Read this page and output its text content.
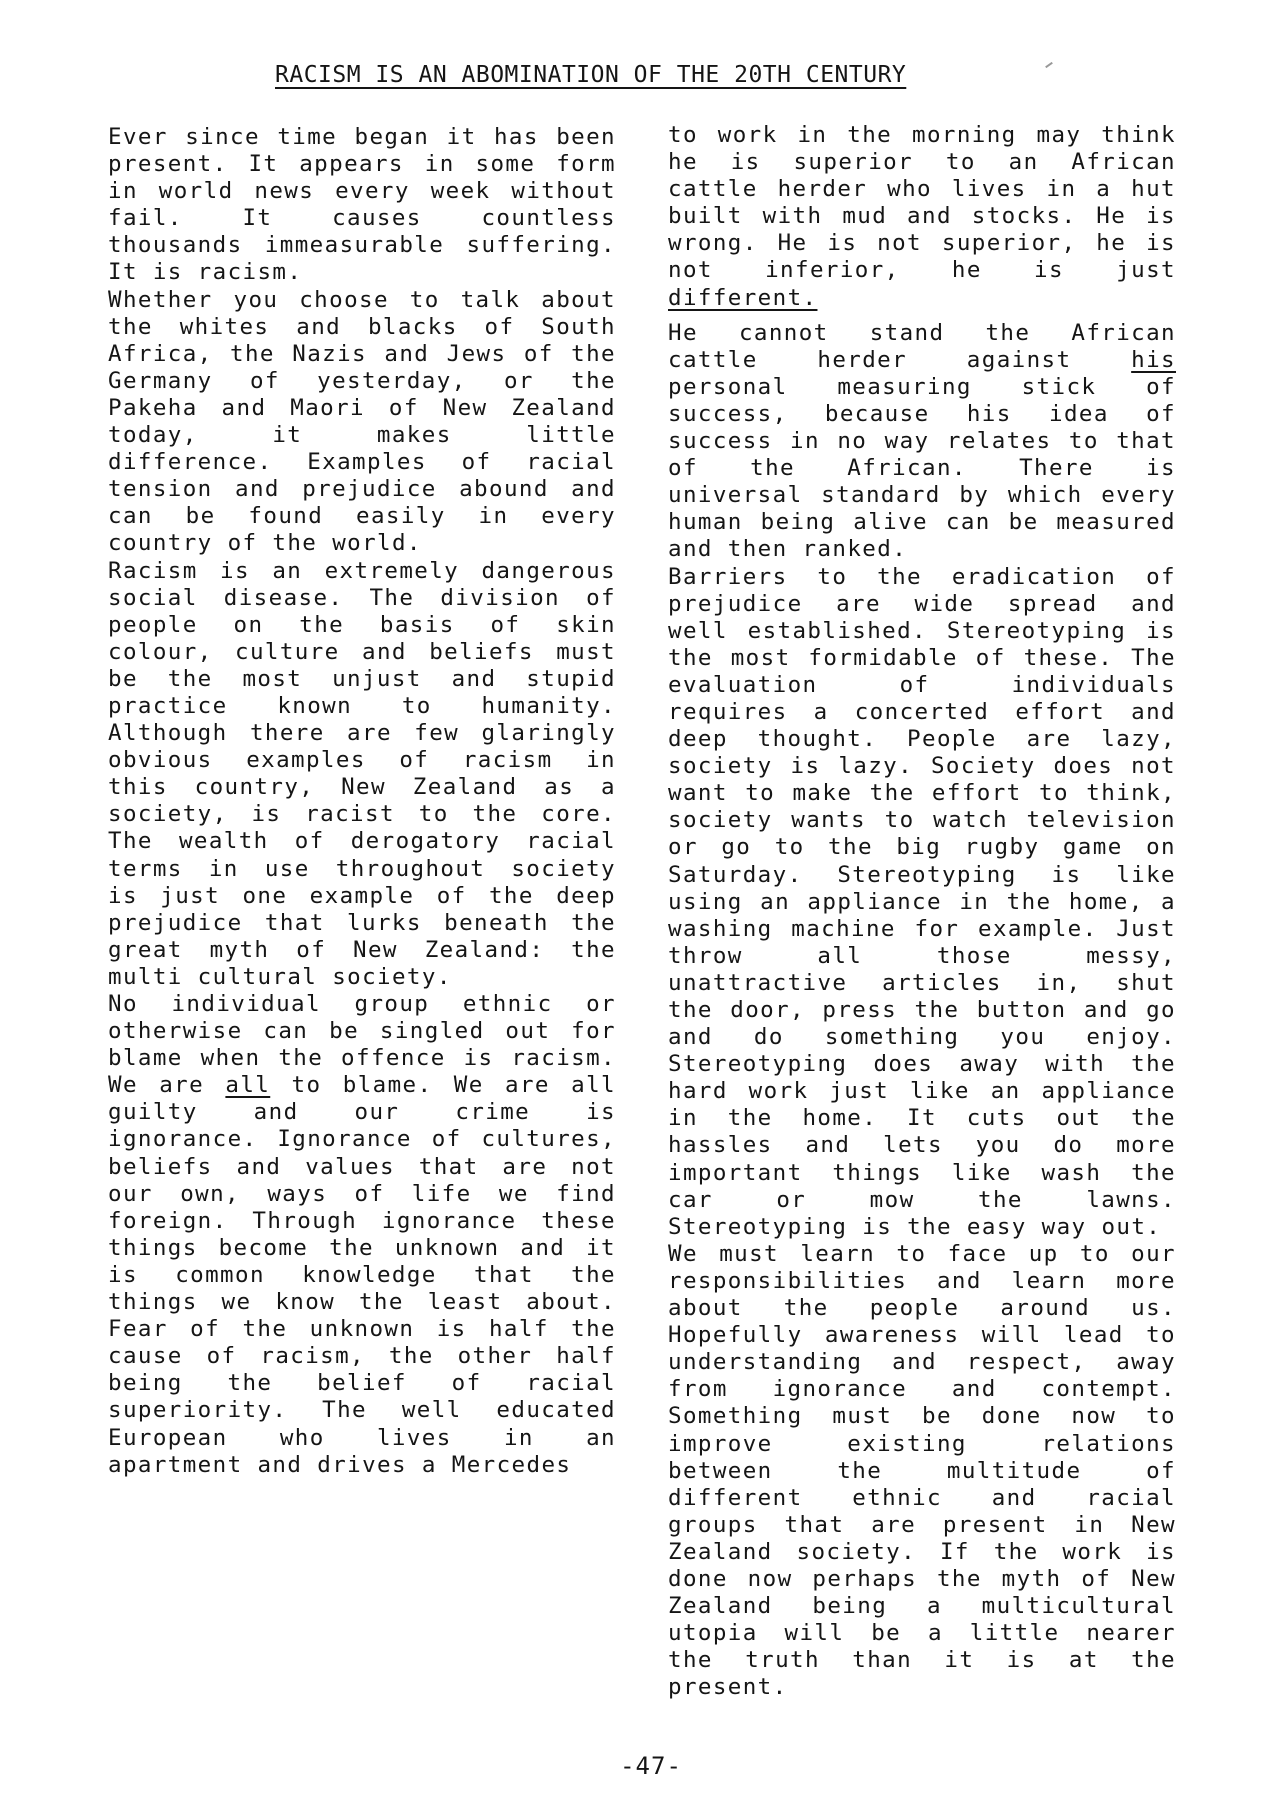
RACISM IS AN ABOMINATION OF THE 20TH CENTURY

Ever since time began it has been present. It appears in some form in world news every week without fail. It causes countless thousands immeasurable suffering. It is racism.

Whether you choose to talk about the whites and blacks of South Africa, the Nazis and Jews of the Germany of yesterday, or the Pakeha and Maori of New Zealand today, it makes little difference. Examples of racial tension and prejudice abound and can be found easily in every country of the world.

Racism is an extremely dangerous social disease. The division of people on the basis of skin colour, culture and beliefs must be the most unjust and stupid practice known to humanity. Although there are few glaringly obvious examples of racism in this country, New Zealand as a society, is racist to the core. The wealth of derogatory racial terms in use throughout society is just one example of the deep prejudice that lurks beneath the great myth of New Zealand: the multi cultural society.

No individual group ethnic or otherwise can be singled out for blame when the offence is racism. We are all to blame. We are all guilty and our crime is ignorance. Ignorance of cultures, beliefs and values that are not our own, ways of life we find foreign. Through ignorance these things become the unknown and it is common knowledge that the things we know the least about. Fear of the unknown is half the cause of racism, the other half being the belief of racial superiority. The well educated European who lives in an apartment and drives a Mercedes

to work in the morning may think he is superior to an African cattle herder who lives in a hut built with mud and stocks. He is wrong. He is not superior, he is not inferior, he is just different.

He cannot stand the African cattle herder against his personal measuring stick of success, because his idea of success in no way relates to that of the African. There is universal standard by which every human being alive can be measured and then ranked.

Barriers to the eradication of prejudice are wide spread and well established. Stereotyping is the most formidable of these. The evaluation of individuals requires a concerted effort and deep thought. People are lazy, society is lazy. Society does not want to make the effort to think, society wants to watch television or go to the big rugby game on Saturday. Stereotyping is like using an appliance in the home, a washing machine for example. Just throw all those messy, unattractive articles in, shut the door, press the button and go and do something you enjoy. Stereotyping does away with the hard work just like an appliance in the home. It cuts out the hassles and lets you do more important things like wash the car or mow the lawns. Stereotyping is the easy way out.

We must learn to face up to our responsibilities and learn more about the people around us. Hopefully awareness will lead to understanding and respect, away from ignorance and contempt. Something must be done now to improve existing relations between the multitude of different ethnic and racial groups that are present in New Zealand society. If the work is done now perhaps the myth of New Zealand being a multicultural utopia will be a little nearer the truth than it is at the present.

-47-
